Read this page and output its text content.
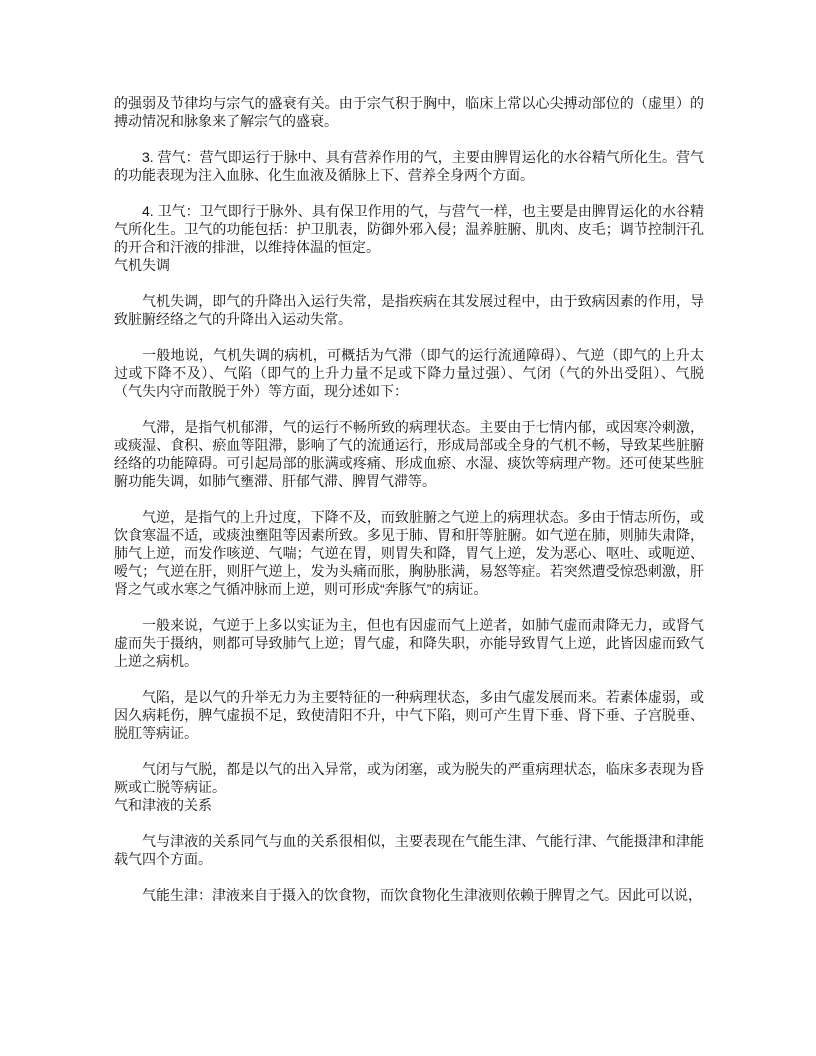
的强弱及节律均与宗气的盛衰有关。由于宗气积于胸中，临床上常以心尖搏动部位的（虚里）的搏动情况和脉象来了解宗气的盛衰。

3. 营气：营气即运行于脉中、具有营养作用的气，主要由脾胃运化的水谷精气所化生。营气的功能表现为注入血脉、化生血液及循脉上下、营养全身两个方面。

4. 卫气：卫气即行于脉外、具有保卫作用的气，与营气一样，也主要是由脾胃运化的水谷精气所化生。卫气的功能包括：护卫肌表，防御外邪入侵；温养脏腑、肌肉、皮毛；调节控制汗孔的开合和汗液的排泄，以维持体温的恒定。

气机失调

气机失调，即气的升降出入运行失常，是指疾病在其发展过程中，由于致病因素的作用，导致脏腑经络之气的升降出入运动失常。

一般地说，气机失调的病机，可概括为气滞（即气的运行流通障碍）、气逆（即气的上升太过或下降不及）、气陷（即气的上升力量不足或下降力量过强）、气闭（气的外出受阻）、气脱（气失内守而散脱于外）等方面，现分述如下：

气滞，是指气机郁滞，气的运行不畅所致的病理状态。主要由于七情内郁，或因寒冷刺激，或痰湿、食积、瘀血等阻滞，影响了气的流通运行，形成局部或全身的气机不畅，导致某些脏腑经络的功能障碍。可引起局部的胀满或疼痛、形成血瘀、水湿、痰饮等病理产物。还可使某些脏腑功能失调，如肺气壅滞、肝郁气滞、脾胃气滞等。

气逆，是指气的上升过度，下降不及，而致脏腑之气逆上的病理状态。多由于情志所伤，或饮食寒温不适，或痰浊壅阻等因素所致。多见于肺、胃和肝等脏腑。如气逆在肺，则肺失肃降，肺气上逆，而发作咳逆、气喘；气逆在胃，则胃失和降，胃气上逆，发为恶心、呕吐、或呃逆、嗳气；气逆在肝，则肝气逆上，发为头痛而胀，胸胁胀满，易怒等症。若突然遭受惊恐刺激，肝肾之气或水寒之气循冲脉而上逆，则可形成“奔豚气”的病证。

一般来说，气逆于上多以实证为主，但也有因虚而气上逆者，如肺气虚而肃降无力，或肾气虚而失于摄纳，则都可导致肺气上逆；胃气虚，和降失职，亦能导致胃气上逆，此皆因虚而致气上逆之病机。

气陷，是以气的升举无力为主要特征的一种病理状态，多由气虚发展而来。若素体虚弱，或因久病耗伤，脾气虚损不足，致使清阳不升，中气下陷，则可产生胃下垂、肾下垂、子宫脱垂、脱肛等病证。

气闭与气脱，都是以气的出入异常，或为闭塞，或为脱失的严重病理状态，临床多表现为昏厥或亡脱等病证。

气和津液的关系

气与津液的关系同气与血的关系很相似，主要表现在气能生津、气能行津、气能摄津和津能载气四个方面。

气能生津：津液来自于摄入的饮食物，而饮食物化生津液则依赖于脾胃之气。因此可以说，
